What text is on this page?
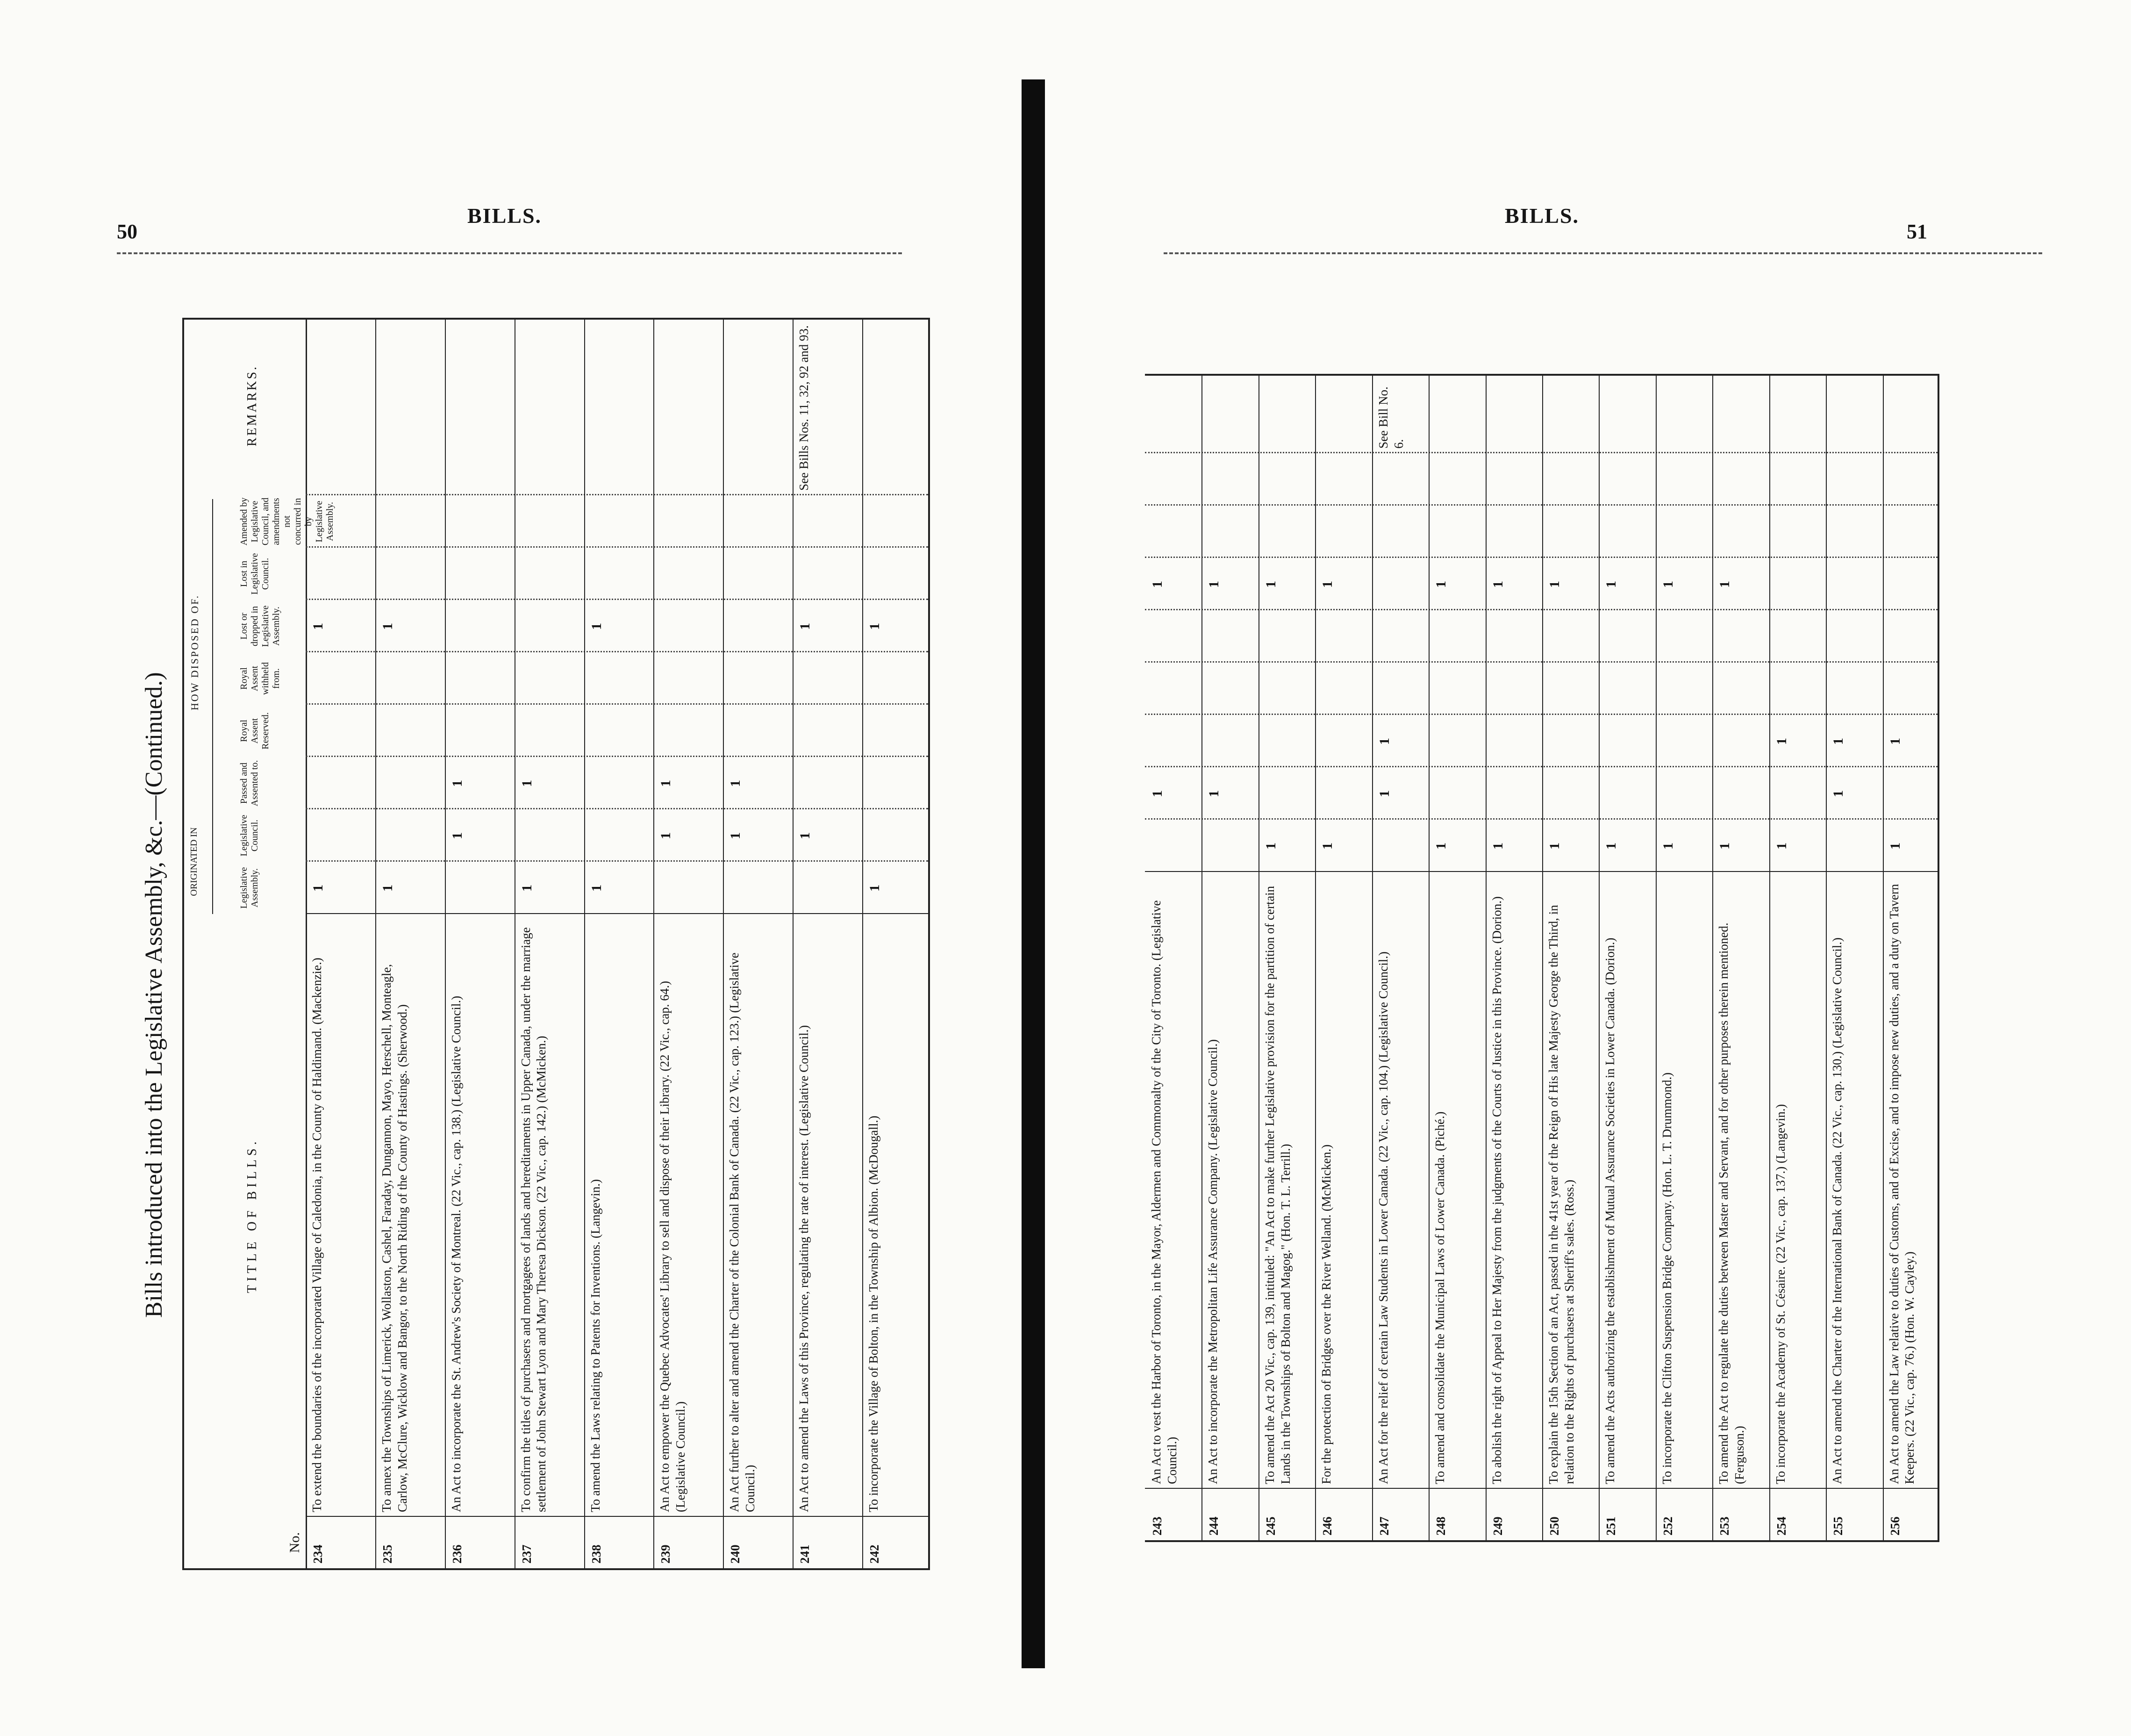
50
BILLS.
Bills introduced into the Legislative Assembly, &c.—(Continued.)
No.
TITLE OF BILLS.
Legislative Assembly.
Legislative Council.
Passed and Assented to.
Royal Assent Reserved.
Royal Assent withheld from.
Lost or dropped in Legislative Assembly.
Lost in Legislative Council.
Amended by Legislative Council, and amendments not concurred in by Legislative Assembly.
REMARKS.
ORIGINATED IN
HOW DISPOSED OF.
234
To extend the boundaries of the incorporated Village of Caledonia, in the County of Haldimand. (Mackenzie.)
1
1
235
To annex the Townships of Limerick, Wollaston, Cashel, Faraday, Dungannon, Mayo, Herschell, Monteagle, Carlow, McClure, Wicklow and Bangor, to the North Riding of the County of Hastings. (Sherwood.)
1
1
236
An Act to incorporate the St. Andrew's Society of Montreal. (22 Vic., cap. 138.) (Legislative Council.)
1
1
237
To confirm the titles of purchasers and mortgagees of lands and hereditaments in Upper Canada, under the marriage settlement of John Stewart Lyon and Mary Theresa Dickson. (22 Vic., cap. 142.) (McMicken.)
1
1
238
To amend the Laws relating to Patents for Inventions. (Langevin.)
1
1
239
An Act to empower the Quebec Advocates' Library to sell and dispose of their Library. (22 Vic., cap. 64.) (Legislative Council.)
1
1
240
An Act further to alter and amend the Charter of the Colonial Bank of Canada. (22 Vic., cap. 123.) (Legislative Council.)
1
1
241
An Act to amend the Laws of this Province, regulating the rate of interest. (Legislative Council.)
1
1
See Bills Nos. 11, 32, 92 and 93.
242
To incorporate the Village of Bolton, in the Township of Albion. (McDougall.)
1
1
51
BILLS.
243
An Act to vest the Harbor of Toronto, in the Mayor, Aldermen and Commonalty of the City of Toronto. (Legislative Council.)
1
1
244
An Act to incorporate the Metropolitan Life Assurance Company. (Legislative Council.)
1
1
245
To amend the Act 20 Vic., cap. 139, intituled: "An Act to make further Legislative provision for the partition of certain Lands in the Townships of Bolton and Magog." (Hon. T. L. Terrill.)
1
1
246
For the protection of Bridges over the River Welland. (McMicken.)
1
1
247
An Act for the relief of certain Law Students in Lower Canada. (22 Vic., cap. 104.) (Legislative Council.)
1
1
See Bill No. 6.
248
To amend and consolidate the Municipal Laws of Lower Canada. (Piché.)
1
1
249
To abolish the right of Appeal to Her Majesty from the judgments of the Courts of Justice in this Province. (Dorion.)
1
1
250
To explain the 15th Section of an Act, passed in the 41st year of the Reign of His late Majesty George the Third, in relation to the Rights of purchasers at Sheriff's sales. (Ross.)
1
1
251
To amend the Acts authorizing the establishment of Mutual Assurance Societies in Lower Canada. (Dorion.)
1
1
252
To incorporate the Clifton Suspension Bridge Company. (Hon. L. T. Drummond.)
1
1
253
To amend the Act to regulate the duties between Master and Servant, and for other purposes therein mentioned. (Ferguson.)
1
1
254
To incorporate the Academy of St. Césaire. (22 Vic., cap. 137.) (Langevin.)
1
1
255
An Act to amend the Charter of the International Bank of Canada. (22 Vic., cap. 130.) (Legislative Council.)
1
1
256
An Act to amend the Law relative to duties of Customs, and of Excise, and to impose new duties, and a duty on Tavern Keepers. (22 Vic., cap. 76.) (Hon. W. Cayley.)
1
1
